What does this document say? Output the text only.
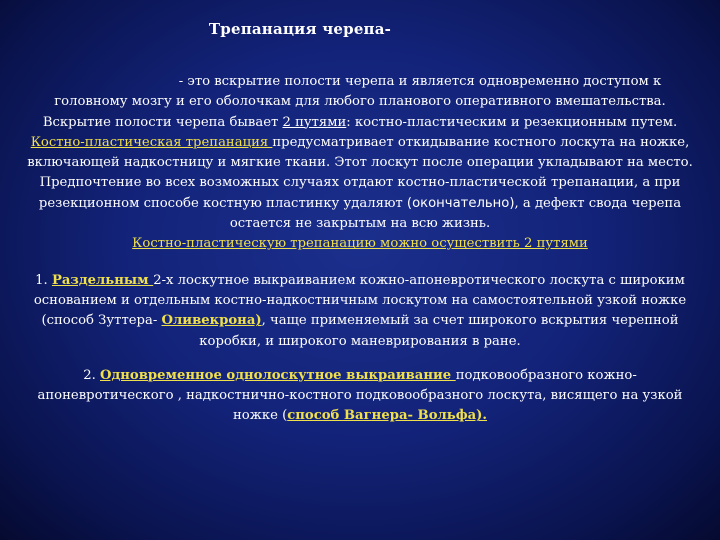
Трепанация черепа-

- это вскрытие полости черепа и является одновременно доступом к головному мозгу и его оболочкам для любого планового оперативного вмешательства. Вскрытие полости черепа бывает 2 путями: костно-пластическим и резекционным путем.

Костно-пластическая трепанация предусматривает откидывание костного лоскута на ножке, включающей надкостницу и мягкие ткани. Этот лоскут после операции укладывают на место. Предпочтение во всех возможных случаях отдают костно-пластической трепанации, а при резекционном способе костную пластинку удаляют (окончательно), а дефект свода черепа остается не закрытым на всю жизнь.

Костно-пластическую трепанацию можно осуществить 2 путями

1. Раздельным 2-х лоскутное выкраиванием кожно-апоневротического лоскута с широким основанием и отдельным костно-надкостничным лоскутом на самостоятельной узкой ножке (способ Зуттера- Оливекрона), чаще применяемый за счет широкого вскрытия черепной коробки, и широкого маневрирования в ране.

2. Одновременное однолоскутное выкраивание подковообразного кожно-апоневротического , надкостнично-костного подковообразного лоскута, висящего на узкой ножке (способ Вагнера- Вольфа).
